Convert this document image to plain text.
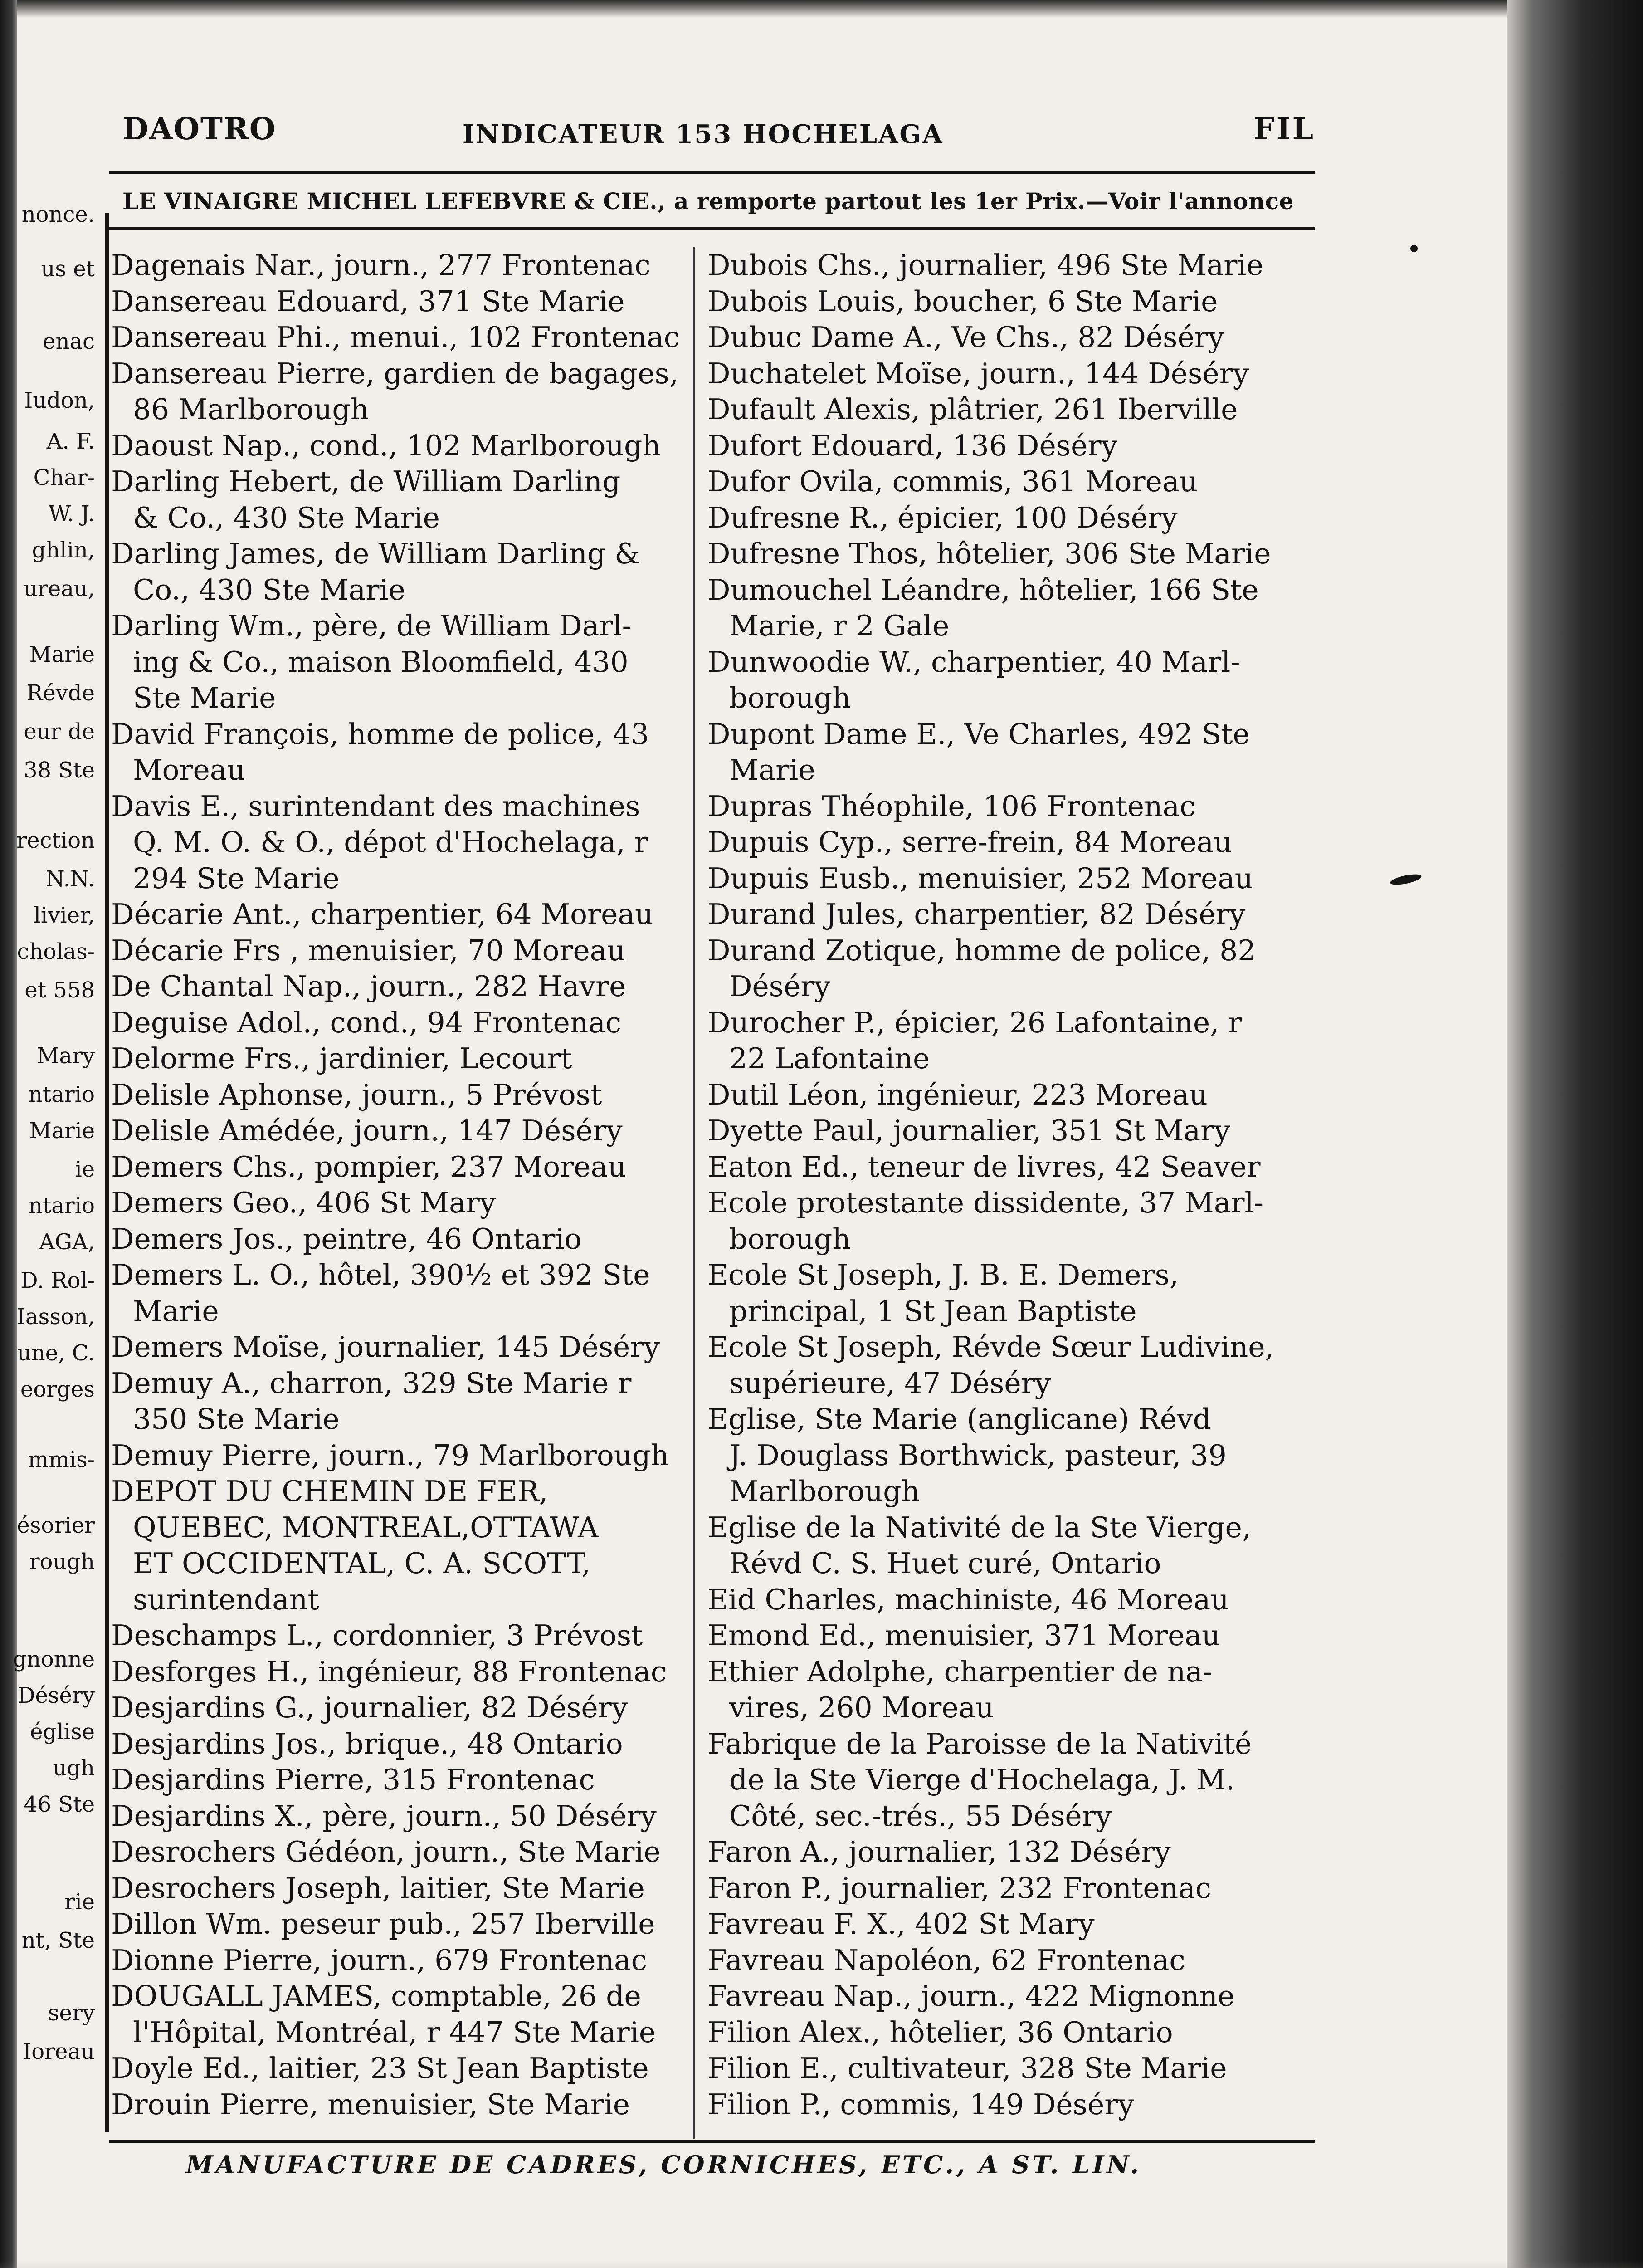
DAOTRO	INDICATEUR 153 HOCHELAGA	FIL
LE VINAIGRE MICHEL LEFEBVRE & CIE., a remporte partout les 1er Prix.—Voir l'annonce
nonce.
us et
enac
Iudon,
A. F.
Char-
W. J.
ghlin,
ureau,
Marie
Révde
eur de
38 Ste
rection
N.N.
livier,
cholas-
et 558
Mary
ntario
Marie
ie
ntario
AGA,
D. Rol-
Iasson,
une, C.
eorges
mmis-
ésorier
rough
gnonne
Déséry
église
ugh
46 Ste
rie
nt, Ste
sery
Ioreau
Dagenais Nar., journ., 277 Frontenac
Dansereau Edouard, 371 Ste Marie
Dansereau Phi., menui., 102 Frontenac
Dansereau Pierre, gardien de bagages,
86 Marlborough
Daoust Nap., cond., 102 Marlborough
Darling Hebert, de William Darling
& Co., 430 Ste Marie
Darling James, de William Darling &
Co., 430 Ste Marie
Darling Wm., père, de William Darl-
ing & Co., maison Bloomfield, 430
Ste Marie
David François, homme de police, 43
Moreau
Davis E., surintendant des machines
Q. M. O. & O., dépot d'Hochelaga, r
294 Ste Marie
Décarie Ant., charpentier, 64 Moreau
Décarie Frs , menuisier, 70 Moreau
De Chantal Nap., journ., 282 Havre
Deguise Adol., cond., 94 Frontenac
Delorme Frs., jardinier, Lecourt
Delisle Aphonse, journ., 5 Prévost
Delisle Amédée, journ., 147 Déséry
Demers Chs., pompier, 237 Moreau
Demers Geo., 406 St Mary
Demers Jos., peintre, 46 Ontario
Demers L. O., hôtel, 390½ et 392 Ste
Marie
Demers Moïse, journalier, 145 Déséry
Demuy A., charron, 329 Ste Marie r
350 Ste Marie
Demuy Pierre, journ., 79 Marlborough
DEPOT DU CHEMIN DE FER,
QUEBEC, MONTREAL,OTTAWA
ET OCCIDENTAL, C. A. SCOTT,
surintendant
Deschamps L., cordonnier, 3 Prévost
Desforges H., ingénieur, 88 Frontenac
Desjardins G., journalier, 82 Déséry
Desjardins Jos., brique., 48 Ontario
Desjardins Pierre, 315 Frontenac
Desjardins X., père, journ., 50 Déséry
Desrochers Gédéon, journ., Ste Marie
Desrochers Joseph, laitier, Ste Marie
Dillon Wm. peseur pub., 257 Iberville
Dionne Pierre, journ., 679 Frontenac
DOUGALL JAMES, comptable, 26 de
l'Hôpital, Montréal, r 447 Ste Marie
Doyle Ed., laitier, 23 St Jean Baptiste
Drouin Pierre, menuisier, Ste Marie
Dubois Chs., journalier, 496 Ste Marie
Dubois Louis, boucher, 6 Ste Marie
Dubuc Dame A., Ve Chs., 82 Déséry
Duchatelet Moïse, journ., 144 Déséry
Dufault Alexis, plâtrier, 261 Iberville
Dufort Edouard, 136 Déséry
Dufor Ovila, commis, 361 Moreau
Dufresne R., épicier, 100 Déséry
Dufresne Thos, hôtelier, 306 Ste Marie
Dumouchel Léandre, hôtelier, 166 Ste
Marie, r 2 Gale
Dunwoodie W., charpentier, 40 Marl-
borough
Dupont Dame E., Ve Charles, 492 Ste
Marie
Dupras Théophile, 106 Frontenac
Dupuis Cyp., serre-frein, 84 Moreau
Dupuis Eusb., menuisier, 252 Moreau
Durand Jules, charpentier, 82 Déséry
Durand Zotique, homme de police, 82
Déséry
Durocher P., épicier, 26 Lafontaine, r
22 Lafontaine
Dutil Léon, ingénieur, 223 Moreau
Dyette Paul, journalier, 351 St Mary
Eaton Ed., teneur de livres, 42 Seaver
Ecole protestante dissidente, 37 Marl-
borough
Ecole St Joseph, J. B. E. Demers,
principal, 1 St Jean Baptiste
Ecole St Joseph, Révde Sœur Ludivine,
supérieure, 47 Déséry
Eglise, Ste Marie (anglicane) Révd
J. Douglass Borthwick, pasteur, 39
Marlborough
Eglise de la Nativité de la Ste Vierge,
Révd C. S. Huet curé, Ontario
Eid Charles, machiniste, 46 Moreau
Emond Ed., menuisier, 371 Moreau
Ethier Adolphe, charpentier de na-
vires, 260 Moreau
Fabrique de la Paroisse de la Nativité
de la Ste Vierge d'Hochelaga, J. M.
Côté, sec.-trés., 55 Déséry
Faron A., journalier, 132 Déséry
Faron P., journalier, 232 Frontenac
Favreau F. X., 402 St Mary
Favreau Napoléon, 62 Frontenac
Favreau Nap., journ., 422 Mignonne
Filion Alex., hôtelier, 36 Ontario
Filion E., cultivateur, 328 Ste Marie
Filion P., commis, 149 Déséry
MANUFACTURE DE CADRES, CORNICHES, ETC., A ST. LIN.
